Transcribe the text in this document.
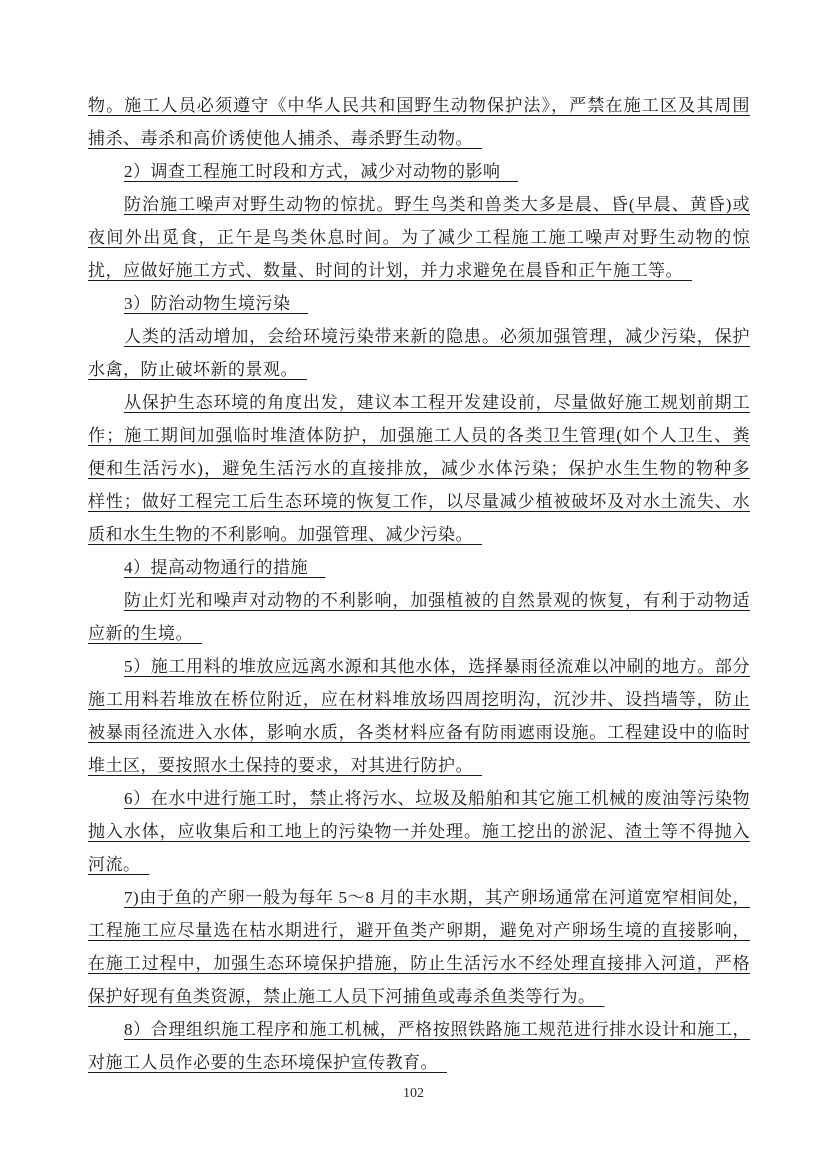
物。施工人员必须遵守《中华人民共和国野生动物保护法》，严禁在施工区及其周围
捕杀、毒杀和高价诱使他人捕杀、毒杀野生动物。　
2）调查工程施工时段和方式，减少对动物的影响　
防治施工噪声对野生动物的惊扰。野生鸟类和兽类大多是晨、昏(早晨、黄昏)或
夜间外出觅食，正午是鸟类休息时间。为了减少工程施工施工噪声对野生动物的惊
扰，应做好施工方式、数量、时间的计划，并力求避免在晨昏和正午施工等。　
3）防治动物生境污染　
人类的活动增加，会给环境污染带来新的隐患。必须加强管理，减少污染，保护
水禽，防止破坏新的景观。　
从保护生态环境的角度出发，建议本工程开发建设前，尽量做好施工规划前期工
作；施工期间加强临时堆渣体防护，加强施工人员的各类卫生管理(如个人卫生、粪
便和生活污水)，避免生活污水的直接排放，减少水体污染；保护水生生物的物种多
样性；做好工程完工后生态环境的恢复工作，以尽量减少植被破坏及对水土流失、水
质和水生生物的不利影响。加强管理、减少污染。　
4）提高动物通行的措施　
防止灯光和噪声对动物的不利影响，加强植被的自然景观的恢复，有利于动物适
应新的生境。　
5）施工用料的堆放应远离水源和其他水体，选择暴雨径流难以冲刷的地方。部分
施工用料若堆放在桥位附近，应在材料堆放场四周挖明沟，沉沙井、设挡墙等，防止
被暴雨径流进入水体，影响水质，各类材料应备有防雨遮雨设施。工程建设中的临时
堆土区，要按照水土保持的要求，对其进行防护。　
6）在水中进行施工时，禁止将污水、垃圾及船舶和其它施工机械的废油等污染物
抛入水体，应收集后和工地上的污染物一并处理。施工挖出的淤泥、渣土等不得抛入
河流。　
7)由于鱼的产卵一般为每年 5～8 月的丰水期，其产卵场通常在河道宽窄相间处，
工程施工应尽量选在枯水期进行，避开鱼类产卵期，避免对产卵场生境的直接影响，
在施工过程中，加强生态环境保护措施，防止生活污水不经处理直接排入河道，严格
保护好现有鱼类资源，禁止施工人员下河捕鱼或毒杀鱼类等行为。　
8）合理组织施工程序和施工机械，严格按照铁路施工规范进行排水设计和施工，
对施工人员作必要的生态环境保护宣传教育。　
102
